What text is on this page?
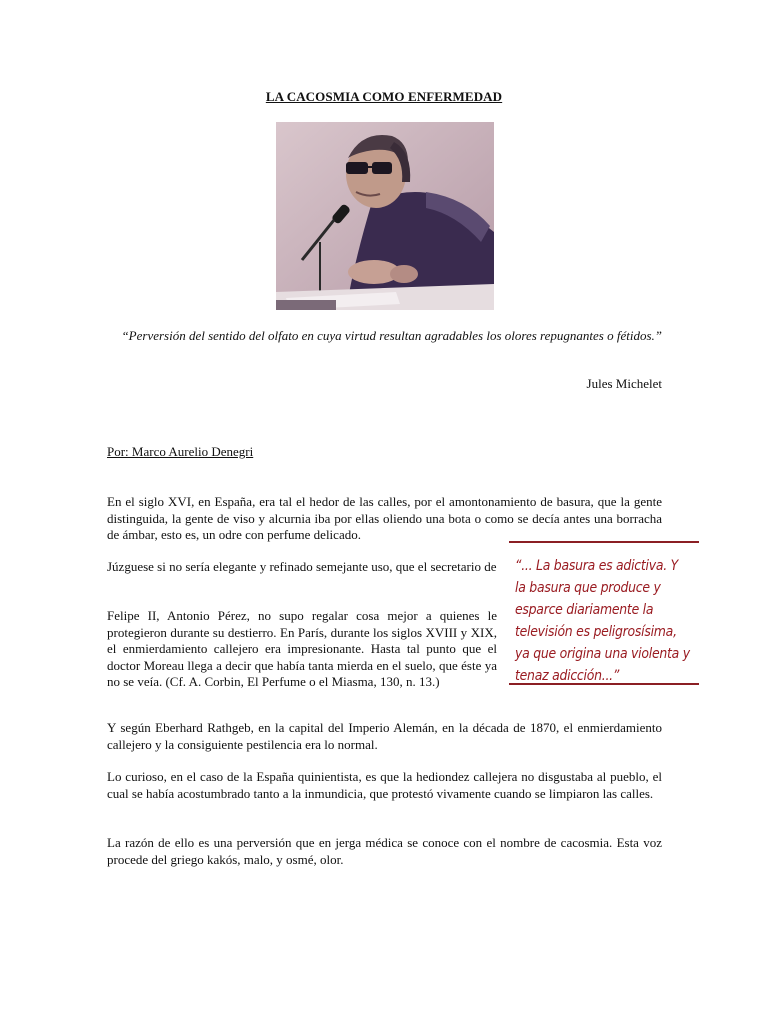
LA CACOSMIA COMO ENFERMEDAD
“Perversión del sentido del olfato en cuya virtud resultan agradables los olores repugnantes o fétidos.”
Jules Michelet
Por: Marco Aurelio Denegri
En el siglo XVI, en España, era tal el hedor de las calles, por el amontonamiento de basura, que la gente distinguida, la gente de viso y alcurnia iba por ellas oliendo una bota o como se decía antes una borracha de ámbar, esto es, un odre con perfume delicado.
Júzguese si no sería elegante y refinado semejante uso, que el secretario de
Felipe II, Antonio Pérez, no supo regalar cosa mejor a quienes le protegieron durante su destierro. En París, durante los siglos XVIII y XIX, el enmierdamiento callejero era impresionante. Hasta tal punto que el doctor Moreau llega a decir que había tanta mierda en el suelo, que éste ya no se veía. (Cf. A. Corbin, El Perfume o el Miasma, 130, n. 13.)
“... La basura es adictiva. Y la basura que produce y esparce diariamente la televisión es peligrosísima, ya que origina una violenta y tenaz adicción...”
Y según Eberhard Rathgeb, en la capital del Imperio Alemán, en la década de 1870, el enmierdamiento callejero y la consiguiente pestilencia era lo normal.
Lo curioso, en el caso de la España quinientista, es que la hediondez callejera no disgustaba al pueblo, el cual se había acostumbrado tanto a la inmundicia, que protestó vivamente cuando se limpiaron las calles.
La razón de ello es una perversión que en jerga médica se conoce con el nombre de cacosmia. Esta voz procede del griego kakós, malo, y osmé, olor.
